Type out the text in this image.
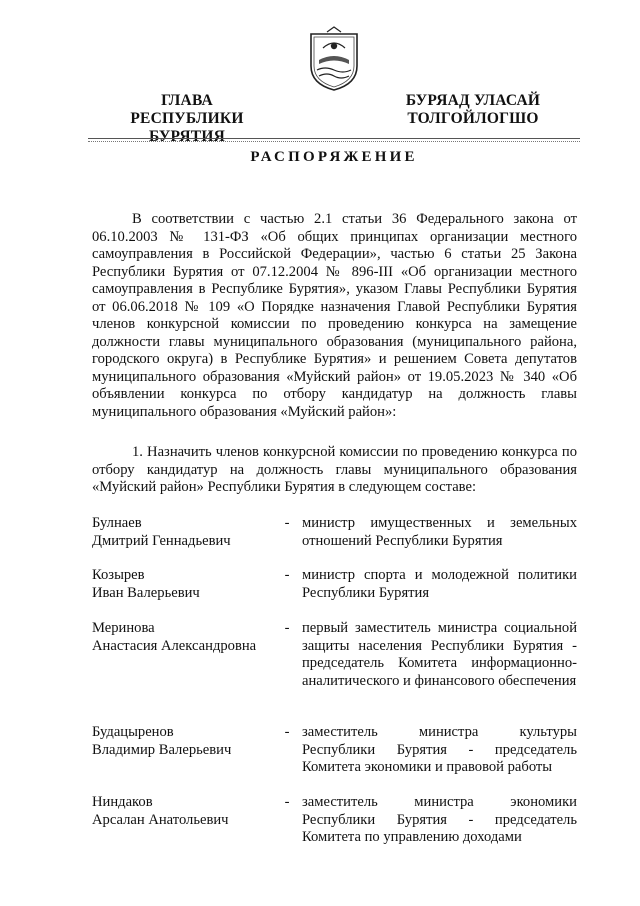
ГЛАВА
РЕСПУБЛИКИ БУРЯТИЯ
БУРЯАД УЛАСАЙ
ТОЛГОЙЛОГШО
РАСПОРЯЖЕНИЕ
В соответствии с частью 2.1 статьи 36 Федерального закона от 06.10.2003 № 131-ФЗ «Об общих принципах организации местного самоуправления в Российской Федерации», частью 6 статьи 25 Закона Республики Бурятия от 07.12.2004 № 896-III «Об организации местного самоуправления в Республике Бурятия», указом Главы Республики Бурятия от 06.06.2018 № 109 «О Порядке назначения Главой Республики Бурятия членов конкурсной комиссии по проведению конкурса на замещение должности главы муниципального образования (муниципального района, городского округа) в Республике Бурятия» и решением Совета депутатов муниципального образования «Муйский район» от 19.05.2023 № 340 «Об объявлении конкурса по отбору кандидатур на должность главы муниципального образования «Муйский район»:
1. Назначить членов конкурсной комиссии по проведению конкурса по отбору кандидатур на должность главы муниципального образования «Муйский район» Республики Бурятия в следующем составе:
Булнаев
Дмитрий Геннадьевич
- министр имущественных и земельных отношений Республики Бурятия
Козырев
Иван Валерьевич
- министр спорта и молодежной политики Республики Бурятия
Меринова
Анастасия Александровна
- первый заместитель министра социальной защиты населения Республики Бурятия - председатель Комитета информационно-аналитического и финансового обеспечения
Будацыренов
Владимир Валерьевич
- заместитель министра культуры Республики Бурятия - председатель Комитета экономики и правовой работы
Ниндаков
Арсалан Анатольевич
- заместитель министра экономики Республики Бурятия - председатель Комитета по управлению доходами
